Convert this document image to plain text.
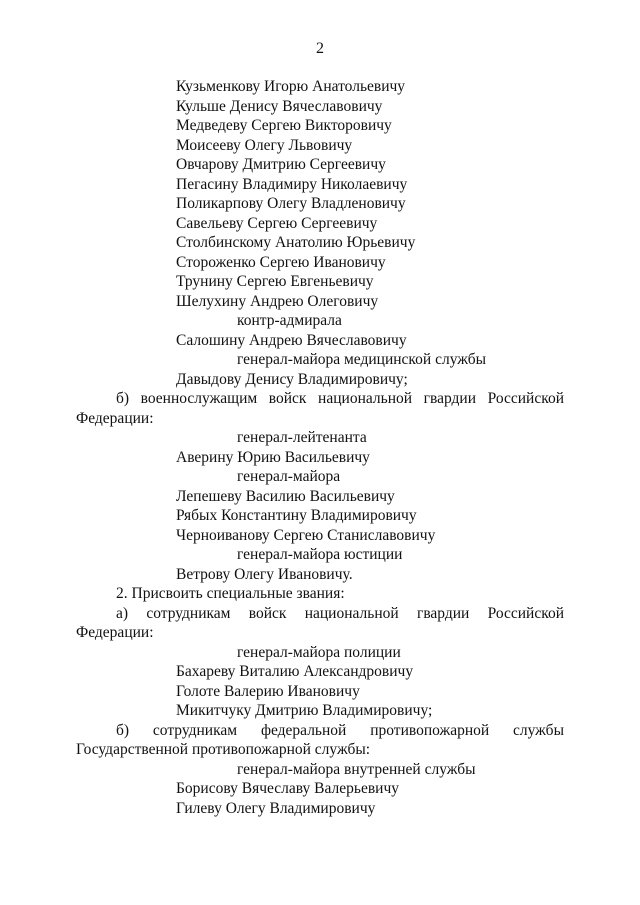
2
Кузьменкову Игорю Анатольевичу
Кульше Денису Вячеславовичу
Медведеву Сергею Викторовичу
Моисееву Олегу Львовичу
Овчарову Дмитрию Сергеевичу
Пегасину Владимиру Николаевичу
Поликарпову Олегу Владленовичу
Савельеву Сергею Сергеевичу
Столбинскому Анатолию Юрьевичу
Стороженко Сергею Ивановичу
Трунину Сергею Евгеньевичу
Шелухину Андрею Олеговичу
контр-адмирала
Салошину Андрею Вячеславовичу
генерал-майора медицинской службы
Давыдову Денису Владимировичу;
б) военнослужащим войск национальной гвардии Российской
Федерации:
генерал-лейтенанта
Аверину Юрию Васильевичу
генерал-майора
Лепешеву Василию Васильевичу
Рябых Константину Владимировичу
Черноиванову Сергею Станиславовичу
генерал-майора юстиции
Ветрову Олегу Ивановичу.
2. Присвоить специальные звания:
а) сотрудникам войск национальной гвардии Российской
Федерации:
генерал-майора полиции
Бахареву Виталию Александровичу
Голоте Валерию Ивановичу
Микитчуку Дмитрию Владимировичу;
б) сотрудникам федеральной противопожарной службы
Государственной противопожарной службы:
генерал-майора внутренней службы
Борисову Вячеславу Валерьевичу
Гилеву Олегу Владимировичу
